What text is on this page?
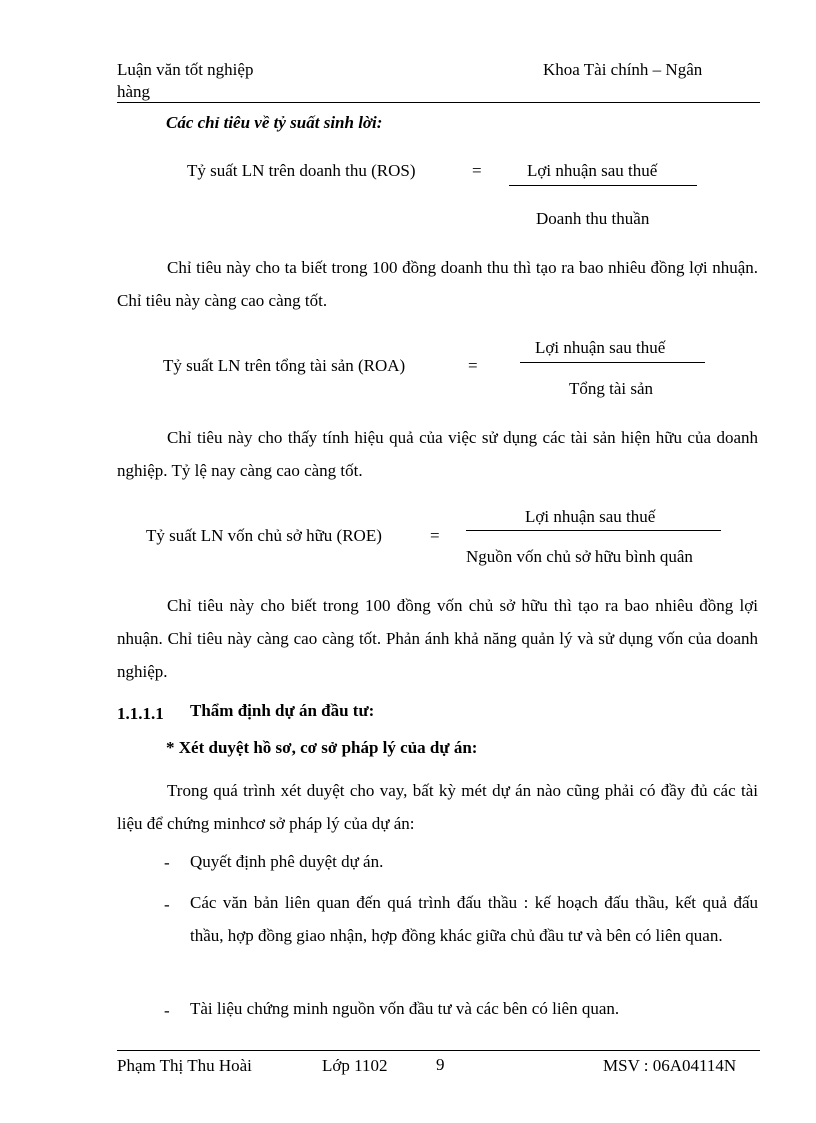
Luận văn tốt nghiệp
hàng
Khoa Tài chính – Ngân
Các chỉ tiêu về tỷ suất sinh lời:
Tỷ suất LN trên doanh thu (ROS)	=	Lợi nhuận sau thuế
Doanh thu thuần
Chỉ tiêu này cho ta biết trong 100 đồng doanh thu thì tạo ra bao nhiêu đồng lợi nhuận. Chỉ tiêu này càng cao càng tốt.
Tỷ suất LN trên tổng tài sản (ROA)	=
Lợi nhuận sau thuế
Tổng tài sản
Chỉ tiêu này cho thấy tính hiệu quả của việc sử dụng các tài sản hiện hữu của doanh nghiệp. Tỷ lệ nay càng cao càng tốt.
Tỷ suất LN vốn chủ sở hữu (ROE)	=
Lợi nhuận sau thuế
Nguồn vốn chủ sở hữu bình quân
Chỉ tiêu này cho biết trong 100 đồng vốn chủ sở hữu thì tạo ra bao nhiêu đồng lợi nhuận. Chỉ tiêu này càng cao càng tốt. Phản ánh khả năng quản lý và sử dụng vốn của doanh nghiệp.
1.1.1.1 Thẩm định dự án đầu tư:
* Xét duyệt hồ sơ, cơ sở pháp lý của dự án:
Trong quá trình xét duyệt cho vay, bất kỳ mét dự án nào cũng phải có đầy đủ các tài liệu để chứng minhcơ sở pháp lý của dự án:
- Quyết định phê duyệt dự án.
- Các văn bản liên quan đến quá trình đấu thầu : kế hoạch đấu thầu, kết quả đấu thầu, hợp đồng giao nhận, hợp đồng khác giữa chủ đầu tư và bên có liên quan.
- Tài liệu chứng minh nguồn vốn đầu tư và các bên có liên quan.
Phạm Thị Thu Hoài	Lớp 1102	9	MSV : 06A04114N
